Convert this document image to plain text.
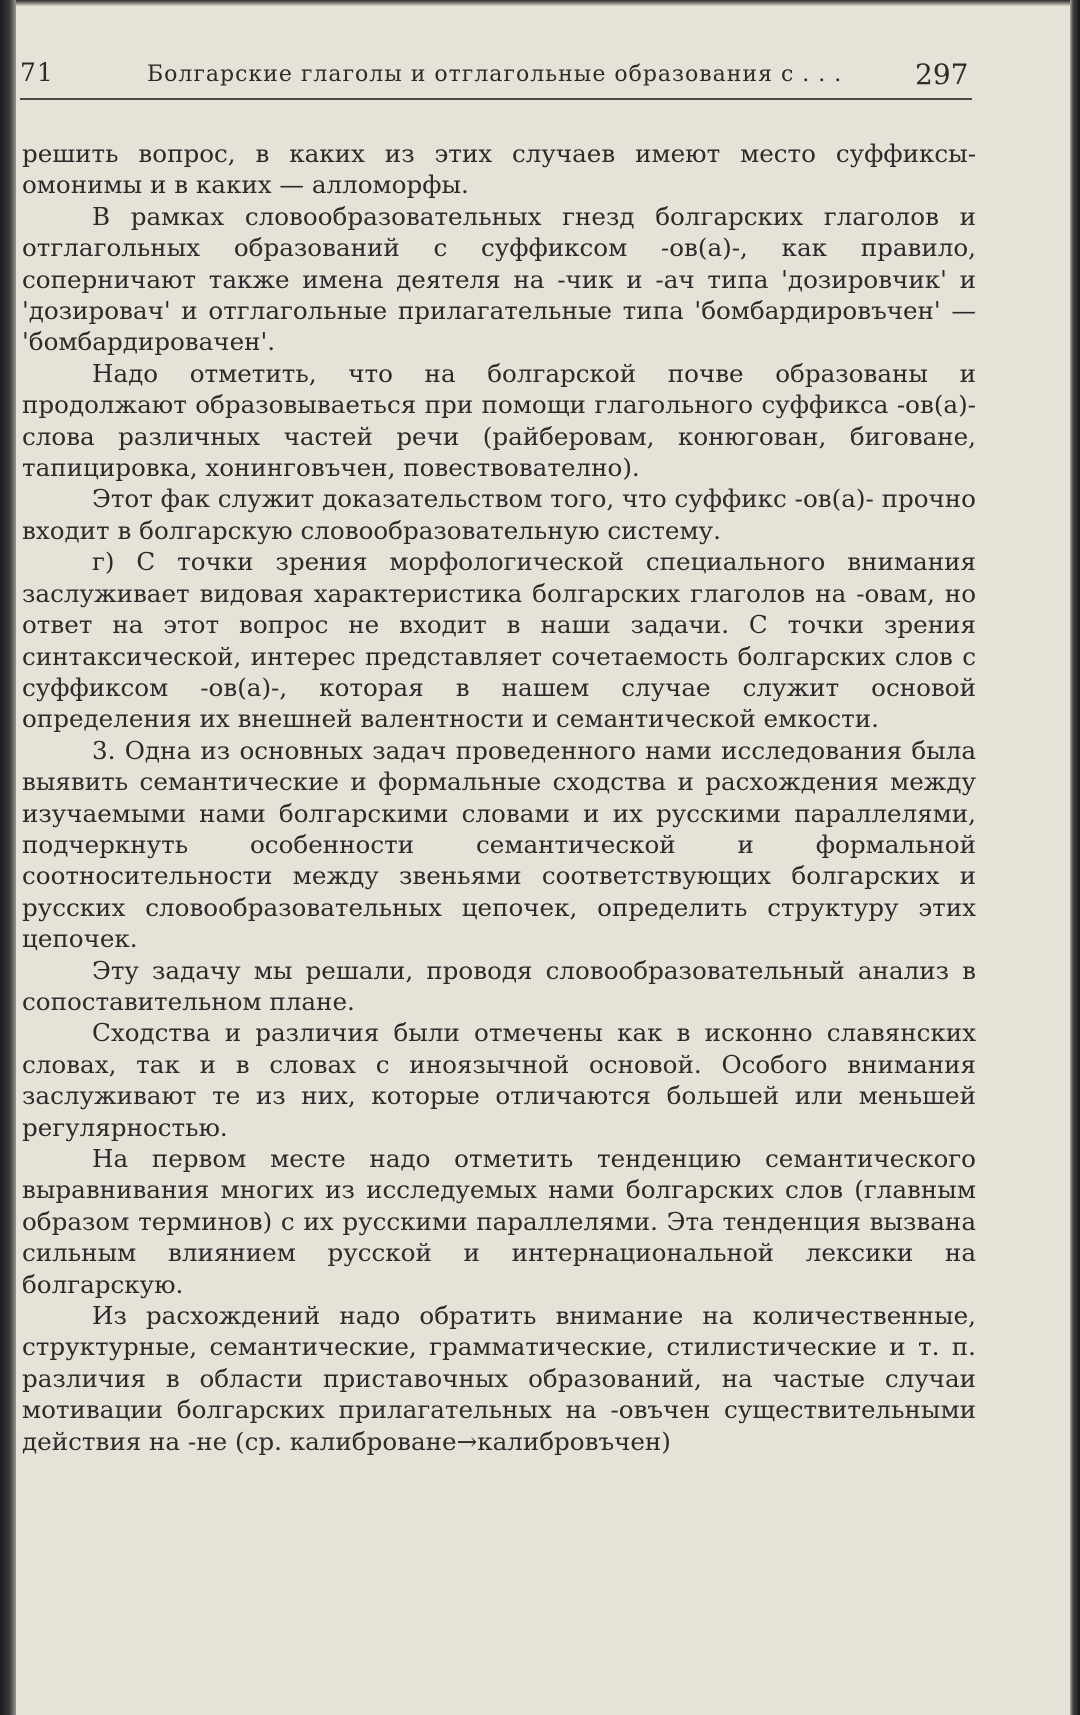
71	Болгарские глаголы и отглагольные образования с . . .	297

решить вопрос, в каких из этих случаев имеют место суффиксы-омонимы и в каких — алломорфы.

В рамках словообразовательных гнезд болгарских глаголов и отглагольных образований с суффиксом -ов(а)-, как правило, соперничают также имена деятеля на -чик и -ач типа 'дозировчик' и 'дозировач' и отглагольные прилагательные типа 'бомбардировъчен' — 'бомбардировачен'.

Надо отметить, что на болгарской почве образованы и продолжают образовываеться при помощи глагольного суффикса -ов(а)- слова различных частей речи (райберовам, конюгован, биговане, тапицировка, хонинговъчен, повествователно).

Этот фак служит доказательством того, что суффикс -ов(а)- прочно входит в болгарскую словообразовательную систему.

г) С точки зрения морфологической специального внимания заслуживает видовая характеристика болгарских глаголов на -овам, но ответ на этот вопрос не входит в наши задачи. С точки зрения синтаксической, интерес представляет сочетаемость болгарских слов с суффиксом -ов(а)-, которая в нашем случае служит основой определения их внешней валентности и семантической емкости.

3. Одна из основных задач проведенного нами исследования была выявить семантические и формальные сходства и расхождения между изучаемыми нами болгарскими словами и их русскими параллелями, подчеркнуть особенности семантической и формальной соотносительности между звеньями соответствующих болгарских и русских словообразовательных цепочек, определить структуру этих цепочек.

Эту задачу мы решали, проводя словообразовательный анализ в сопоставительном плане.

Сходства и различия были отмечены как в исконно славянских словах, так и в словах с иноязычной основой. Особого внимания заслуживают те из них, которые отличаются большей или меньшей регулярностью.

На первом месте надо отметить тенденцию семантического выравнивания многих из исследуемых нами болгарских слов (главным образом терминов) с их русскими параллелями. Эта тенденция вызвана сильным влиянием русской и интернациональной лексики на болгарскую.

Из расхождений надо обратить внимание на количественные, структурные, семантические, грамматические, стилистические и т. п. различия в области приставочных образований, на частые случаи мотивации болгарских прилагательных на -овъчен существительными действия на -не (ср. калиброване→калибровъчен)
